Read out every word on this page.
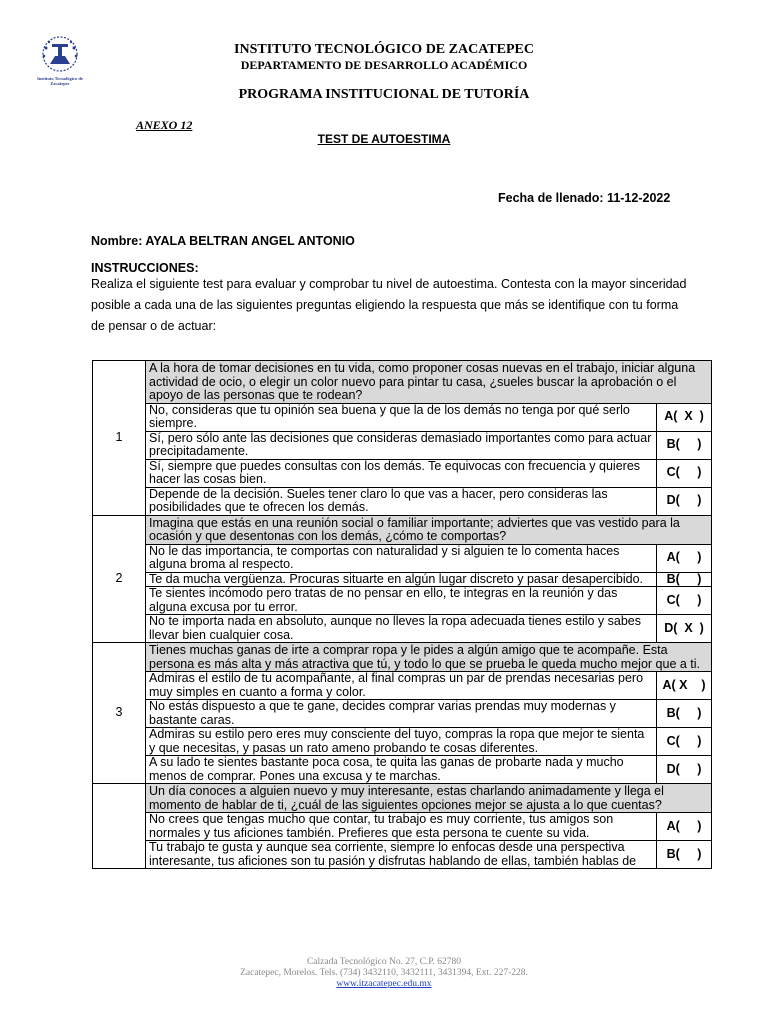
Instituto Tecnológico de Zacatepec
INSTITUTO TECNOLÓGICO DE ZACATEPEC
DEPARTAMENTO DE DESARROLLO ACADÉMICO
PROGRAMA INSTITUCIONAL DE TUTORÍA
ANEXO 12
TEST DE AUTOESTIMA
Fecha de llenado: 11-12-2022
Nombre: AYALA BELTRAN ANGEL ANTONIO
INSTRUCCIONES:
Realiza el siguiente test para evaluar y comprobar tu nivel de autoestima. Contesta con la mayor sinceridad posible a cada una de las siguientes preguntas eligiendo la respuesta que más se identifique con tu forma de pensar o de actuar:
1	A la hora de tomar decisiones en tu vida, como proponer cosas nuevas en el trabajo, iniciar alguna actividad de ocio, o elegir un color nuevo para pintar tu casa, ¿sueles buscar la aprobación o el apoyo de las personas que te rodean?	
	No, consideras que tu opinión sea buena y que la de los demás no tenga por qué serlo siempre.	A(  X  )
	Sí, pero sólo ante las decisiones que consideras demasiado importantes como para actuar precipitadamente.	B(     )
	Sí, siempre que puedes consultas con los demás. Te equivocas con frecuencia y quieres hacer las cosas bien.	C(     )
	Depende de la decisión. Sueles tener claro lo que vas a hacer, pero consideras las posibilidades que te ofrecen los demás.	D(     )
2	Imagina que estás en una reunión social o familiar importante; adviertes que vas vestido para la ocasión y que desentonas con los demás, ¿cómo te comportas?	
	No le das importancia, te comportas con naturalidad y si alguien te lo comenta haces alguna broma al respecto.	A(     )
	Te da mucha vergüenza. Procuras situarte en algún lugar discreto y pasar desapercibido.	B(     )
	Te sientes incómodo pero tratas de no pensar en ello, te integras en la reunión y das alguna excusa por tu error.	C(     )
	No te importa nada en absoluto, aunque no lleves la ropa adecuada tienes estilo y sabes llevar bien cualquier cosa.	D(  X  )
3	Tienes muchas ganas de irte a comprar ropa y le pides a algún amigo que te acompañe. Esta persona es más alta y más atractiva que tú, y todo lo que se prueba le queda mucho mejor que a ti.	
	Admiras el estilo de tu acompañante, al final compras un par de prendas necesarias pero muy simples en cuanto a forma y color.	A( X    )
	No estás dispuesto a que te gane, decides comprar varias prendas muy modernas y bastante caras.	B(     )
	Admiras su estilo pero eres muy consciente del tuyo, compras la ropa que mejor te sienta y que necesitas, y pasas un rato ameno probando te cosas diferentes.	C(     )
	A su lado te sientes bastante poca cosa, te quita las ganas de probarte nada y mucho menos de comprar. Pones una excusa y te marchas.	D(     )
	Un día conoces a alguien nuevo y muy interesante, estas charlando animadamente y llega el momento de hablar de ti, ¿cuál de las siguientes opciones mejor se ajusta a lo que cuentas?	
	No crees que tengas mucho que contar, tu trabajo es muy corriente, tus amigos son normales y tus aficiones también. Prefieres que esta persona te cuente su vida.	A(     )
	Tu trabajo te gusta y aunque sea corriente, siempre lo enfocas desde una perspectiva interesante, tus aficiones son tu pasión y disfrutas hablando de ellas, también hablas de	B(     )
Calzada Tecnológico No. 27, C.P. 62780
Zacatepec, Morelos. Tels. (734) 3432110, 3432111, 3431394, Ext. 227-228.
www.itzacatepec.edu.mx
